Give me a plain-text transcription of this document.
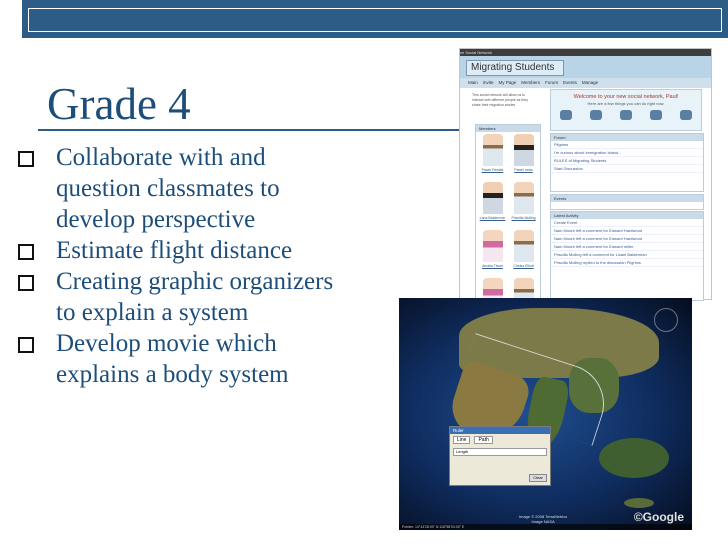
Grade 4
Collaborate with and
question classmates to
develop perspective
Estimate flight distance
Creating graphic organizers
to explain a system
Develop movie which
explains a body system
ve Social Network
Migrating Students
Main Invite My Page Members Forum Events Manage
This social network will allow us to interact with different people as they share their migration stories
Welcome to your new social network, Paul!
Here are a few things you can do right now.
Members
Pawel Pawlak	Pawel mdar
Lana Baldermon Priscilla Mulling
Amalia Tiwari	Chelsa Elliott
Forum
Pilgrims
I'm curious about Immigration Island...
RULES of Migrating Students
Start Discussion
Events
Latest Activity
Create Event
Nam Moore left a comment for Edward Hardwood
Nam Moore left a comment for Edward Hardwood
Nam Moore left a comment for Edward miller
Priscilla Mulling left a comment for Lisael Balderman
Priscilla Mulling replied to the discussion Pilgrims
Ruler
Line	Path
Length
Clear
Image © 2008 TerraMetrics
Image NASA	©Google
Pointer: 14°43'28.00" N 118°58'03.00" E
